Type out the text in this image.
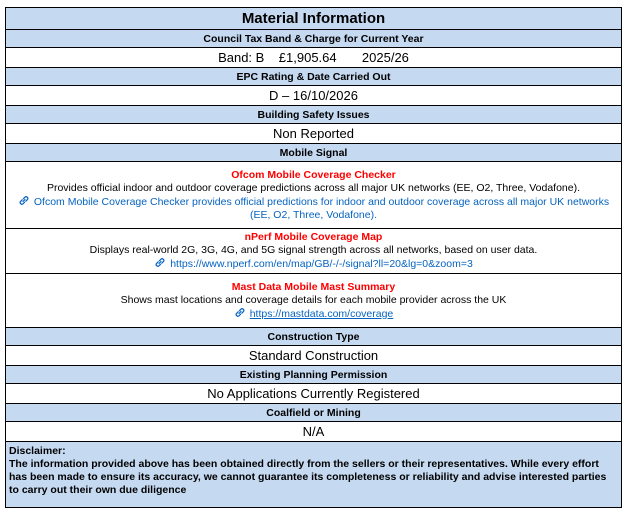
Material Information
Council Tax Band & Charge for Current Year
Band: B £1,905.64 2025/26
EPC Rating & Date Carried Out
D – 16/10/2026
Building Safety Issues
Non Reported
Mobile Signal

Ofcom Mobile Coverage Checker
Provides official indoor and outdoor coverage predictions across all major UK networks (EE, O2, Three, Vodafone).
Ofcom Mobile Coverage Checker provides official predictions for indoor and outdoor coverage across all major UK networks (EE, O2, Three, Vodafone).

nPerf Mobile Coverage Map
Displays real-world 2G, 3G, 4G, and 5G signal strength across all networks, based on user data.
https://www.nperf.com/en/map/GB/-/-/signal?ll=20&lg=0&zoom=3

Mast Data Mobile Mast Summary
Shows mast locations and coverage details for each mobile provider across the UK
https://mastdata.com/coverage

Construction Type
Standard Construction
Existing Planning Permission
No Applications Currently Registered
Coalfield or Mining
N/A

Disclaimer:
The information provided above has been obtained directly from the sellers or their representatives. While every effort has been made to ensure its accuracy, we cannot guarantee its completeness or reliability and advise interested parties to carry out their own due diligence
